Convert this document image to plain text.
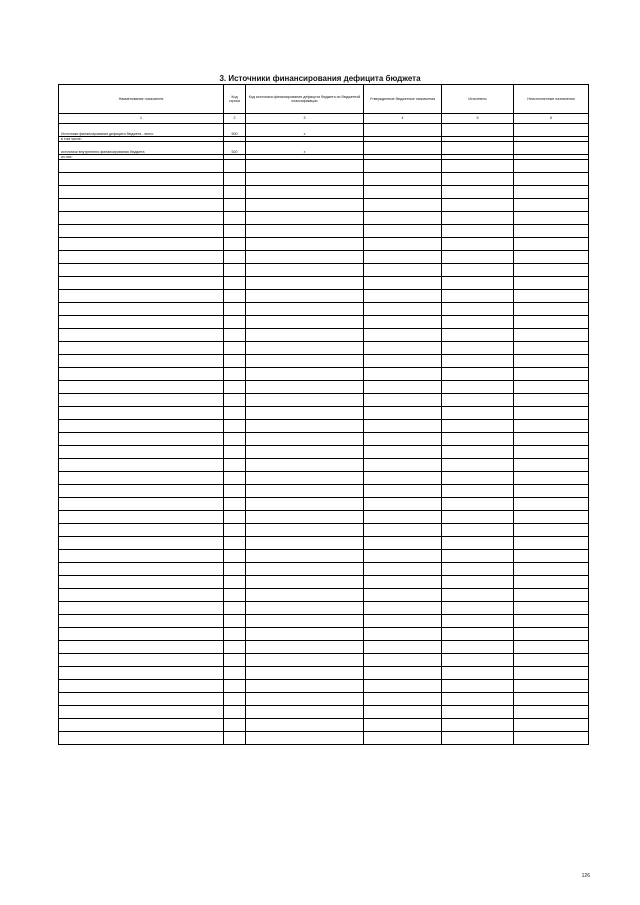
3. Источники финансирования дефицита бюджета
Наименование показателя	Код строки	Код источника финансирования дефицита бюджета по бюджетной классификации	Утвержденные бюджетные назначения	Исполнено	Неисполненные назначения
1	2	3	4	5	6
Источники финансирования дефицита бюджета - всего	500	x			
в том числе:					
источники внутреннего финансирования бюджета	520	x			
из них:					

126
